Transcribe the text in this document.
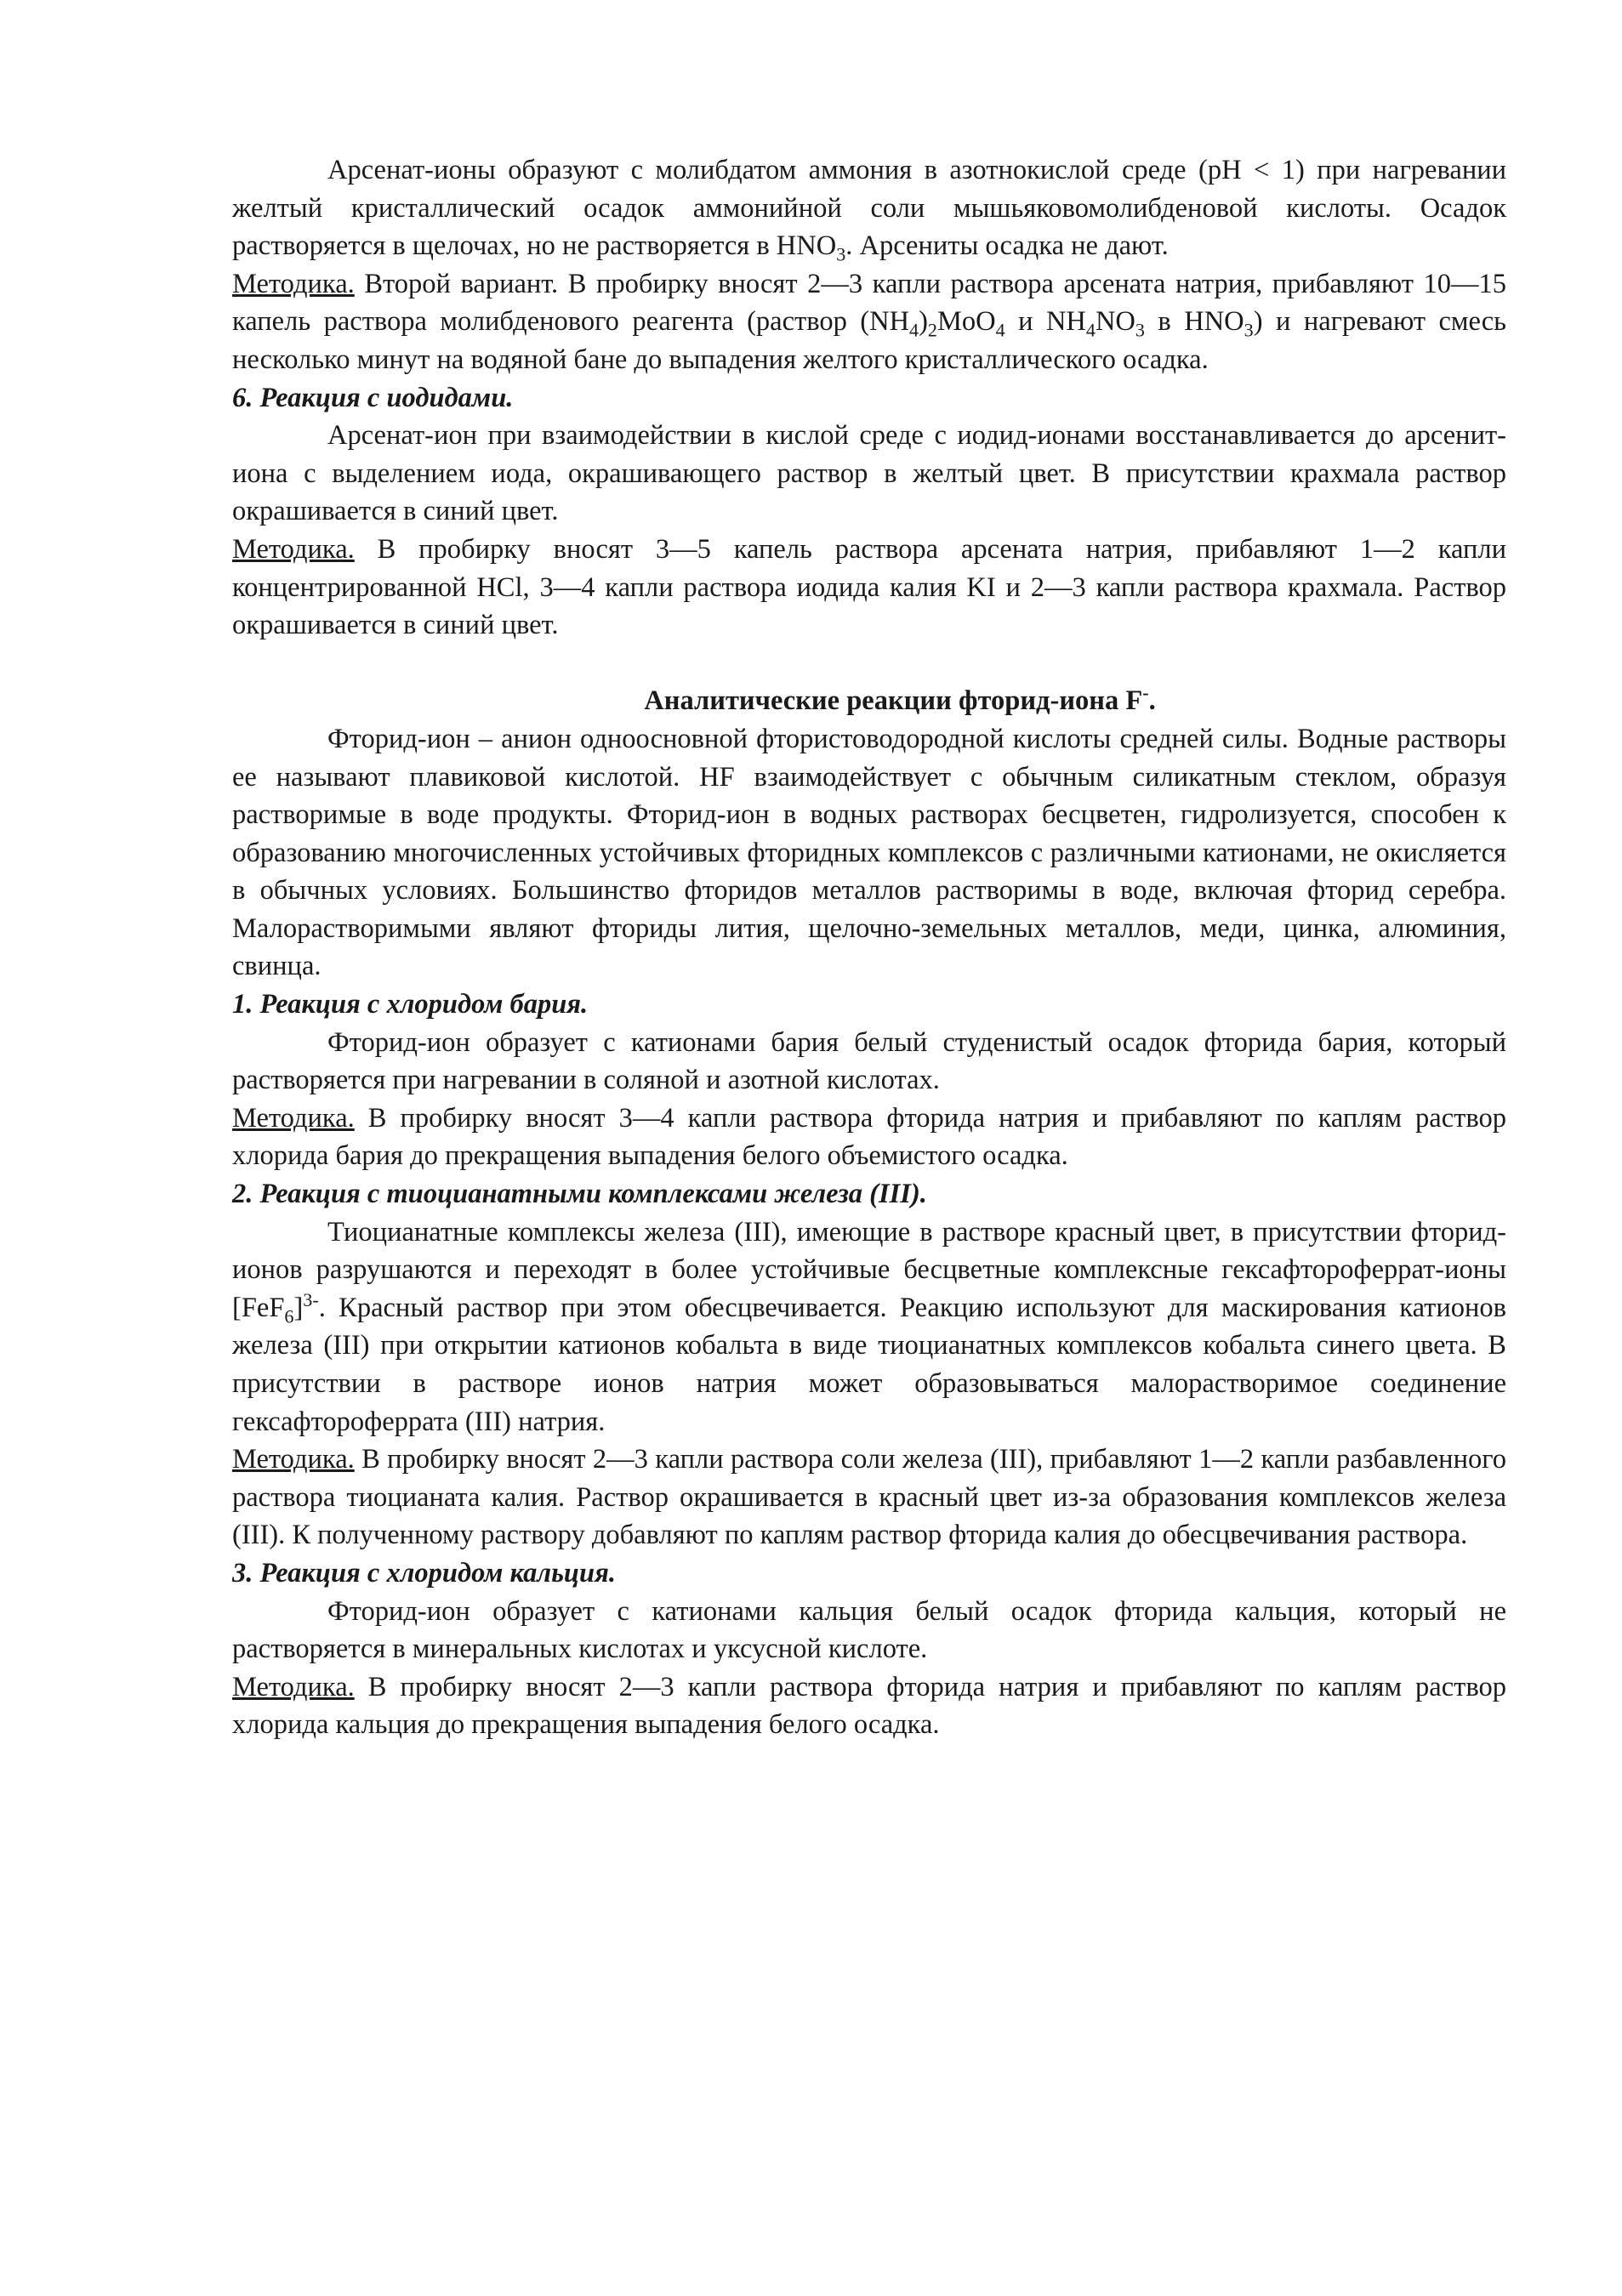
Арсенат-ионы образуют с молибдатом аммония в азотнокислой среде (pH < 1) при нагревании желтый кристаллический осадок аммонийной соли мышьяковомолибденовой кислоты. Осадок растворяется в щелочах, но не растворяется в $HNO_3$. Арсениты осадка не дают.

Методика. Второй вариант. В пробирку вносят 2—3 капли раствора арсената натрия, прибавляют 10—15 капель раствора молибденового реагента (раствор $(NH_4)_2MoO_4$ и $NH_4NO_3$ в $HNO_3$) и нагревают смесь несколько минут на водяной бане до выпадения желтого кристаллического осадка.

6. Реакция с иодидами.

Арсенат-ион при взаимодействии в кислой среде с иодид-ионами восстанавливается до арсенит-иона с выделением иода, окрашивающего раствор в желтый цвет. В присутствии крахмала раствор окрашивается в синий цвет.

Методика. В пробирку вносят 3—5 капель раствора арсената натрия, прибавляют 1—2 капли концентрированной HCl, 3—4 капли раствора иодида калия KI и 2—3 капли раствора крахмала. Раствор окрашивается в синий цвет.

Аналитические реакции фторид-иона F-.

Фторид-ион – анион одноосновной фтористоводородной кислоты средней силы. Водные растворы ее называют плавиковой кислотой. HF взаимодействует с обычным силикатным стеклом, образуя растворимые в воде продукты. Фторид-ион в водных растворах бесцветен, гидролизуется, способен к образованию многочисленных устойчивых фторидных комплексов с различными катионами, не окисляется в обычных условиях. Большинство фторидов металлов растворимы в воде, включая фторид серебра. Малорастворимыми являют фториды лития, щелочно-земельных металлов, меди, цинка, алюминия, свинца.

1. Реакция с хлоридом бария.

Фторид-ион образует с катионами бария белый студенистый осадок фторида бария, который растворяется при нагревании в соляной и азотной кислотах.

Методика. В пробирку вносят 3—4 капли раствора фторида натрия и прибавляют по каплям раствор хлорида бария до прекращения выпадения белого объемистого осадка.

2. Реакция с тиоцианатными комплексами железа (III).

Тиоцианатные комплексы железа (III), имеющие в растворе красный цвет, в присутствии фторид-ионов разрушаются и переходят в более устойчивые бесцветные комплексные гексафтороферрат-ионы $[FeF_6]^{3-}$. Красный раствор при этом обесцвечивается. Реакцию используют для маскирования катионов железа (III) при открытии катионов кобальта в виде тиоцианатных комплексов кобальта синего цвета. В присутствии в растворе ионов натрия может образовываться малорастворимое соединение гексафтороферрата (III) натрия.

Методика. В пробирку вносят 2—3 капли раствора соли железа (III), прибавляют 1—2 капли разбавленного раствора тиоцианата калия. Раствор окрашивается в красный цвет из-за образования комплексов железа (III). К полученному раствору добавляют по каплям раствор фторида калия до обесцвечивания раствора.

3. Реакция с хлоридом кальция.

Фторид-ион образует с катионами кальция белый осадок фторида кальция, который не растворяется в минеральных кислотах и уксусной кислоте.

Методика. В пробирку вносят 2—3 капли раствора фторида натрия и прибавляют по каплям раствор хлорида кальция до прекращения выпадения белого осадка.
